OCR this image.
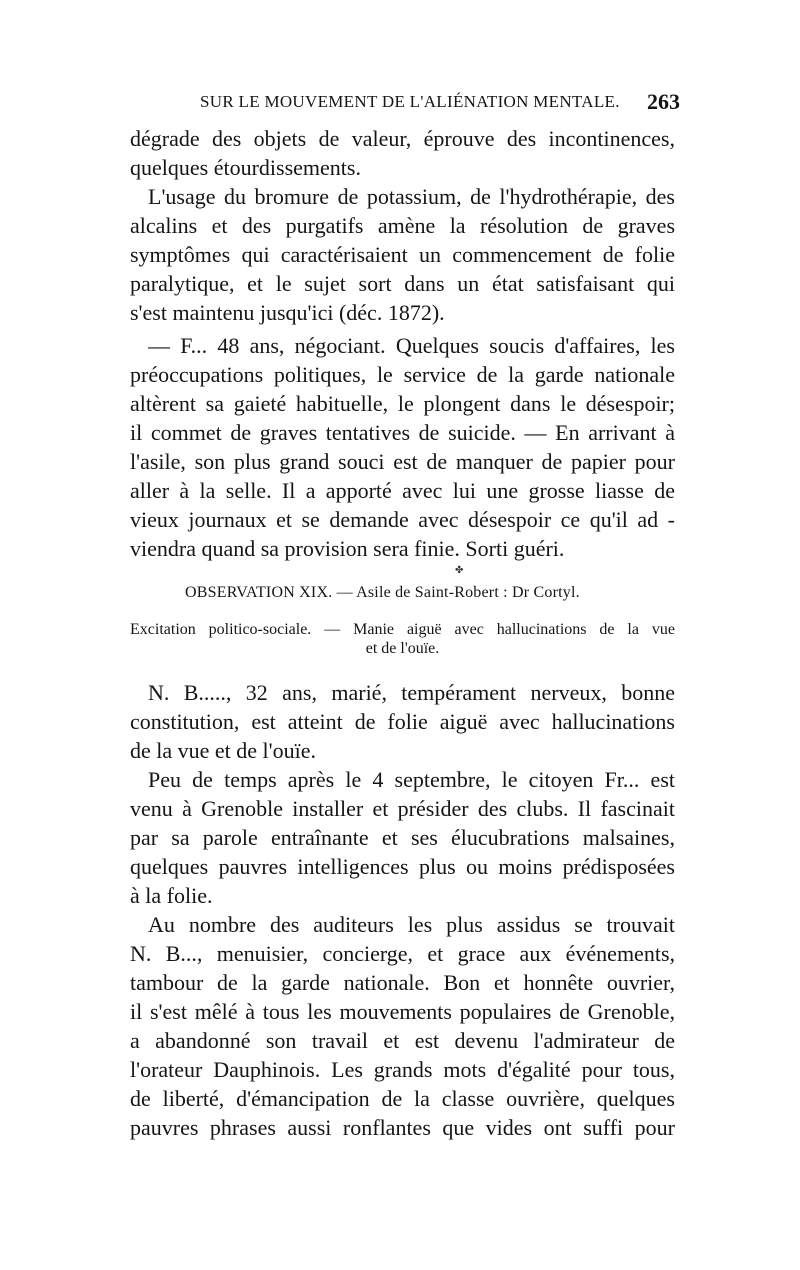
SUR LE MOUVEMENT DE L'ALIÉNATION MENTALE. 263
dégrade des objets de valeur, éprouve des incontinences,
quelques étourdissements.
L'usage du bromure de potassium, de l'hydrothérapie, des
alcalins et des purgatifs amène la résolution de graves
symptômes qui caractérisaient un commencement de folie
paralytique, et le sujet sort dans un état satisfaisant qui
s'est maintenu jusqu'ici (déc. 1872).
— F... 48 ans, négociant. Quelques soucis d'affaires, les
préoccupations politiques, le service de la garde nationale
altèrent sa gaieté habituelle, le plongent dans le désespoir;
il commet de graves tentatives de suicide. — En arrivant à
l'asile, son plus grand souci est de manquer de papier pour
aller à la selle. Il a apporté avec lui une grosse liasse de
vieux journaux et se demande avec désespoir ce qu'il ad -
viendra quand sa provision sera finie. Sorti guéri.
✤
OBSERVATION XIX. — Asile de Saint-Robert : Dr Cortyl.
Excitation politico-sociale. — Manie aiguë avec hallucinations de la vue
et de l'ouïe.
N. B....., 32 ans, marié, tempérament nerveux, bonne
constitution, est atteint de folie aiguë avec hallucinations
de la vue et de l'ouïe.
Peu de temps après le 4 septembre, le citoyen Fr... est
venu à Grenoble installer et présider des clubs. Il fascinait
par sa parole entraînante et ses élucubrations malsaines,
quelques pauvres intelligences plus ou moins prédisposées
à la folie.
Au nombre des auditeurs les plus assidus se trouvait
N. B..., menuisier, concierge, et grace aux événements,
tambour de la garde nationale. Bon et honnête ouvrier,
il s'est mêlé à tous les mouvements populaires de Grenoble,
a abandonné son travail et est devenu l'admirateur de
l'orateur Dauphinois. Les grands mots d'égalité pour tous,
de liberté, d'émancipation de la classe ouvrière, quelques
pauvres phrases aussi ronflantes que vides ont suffi pour
